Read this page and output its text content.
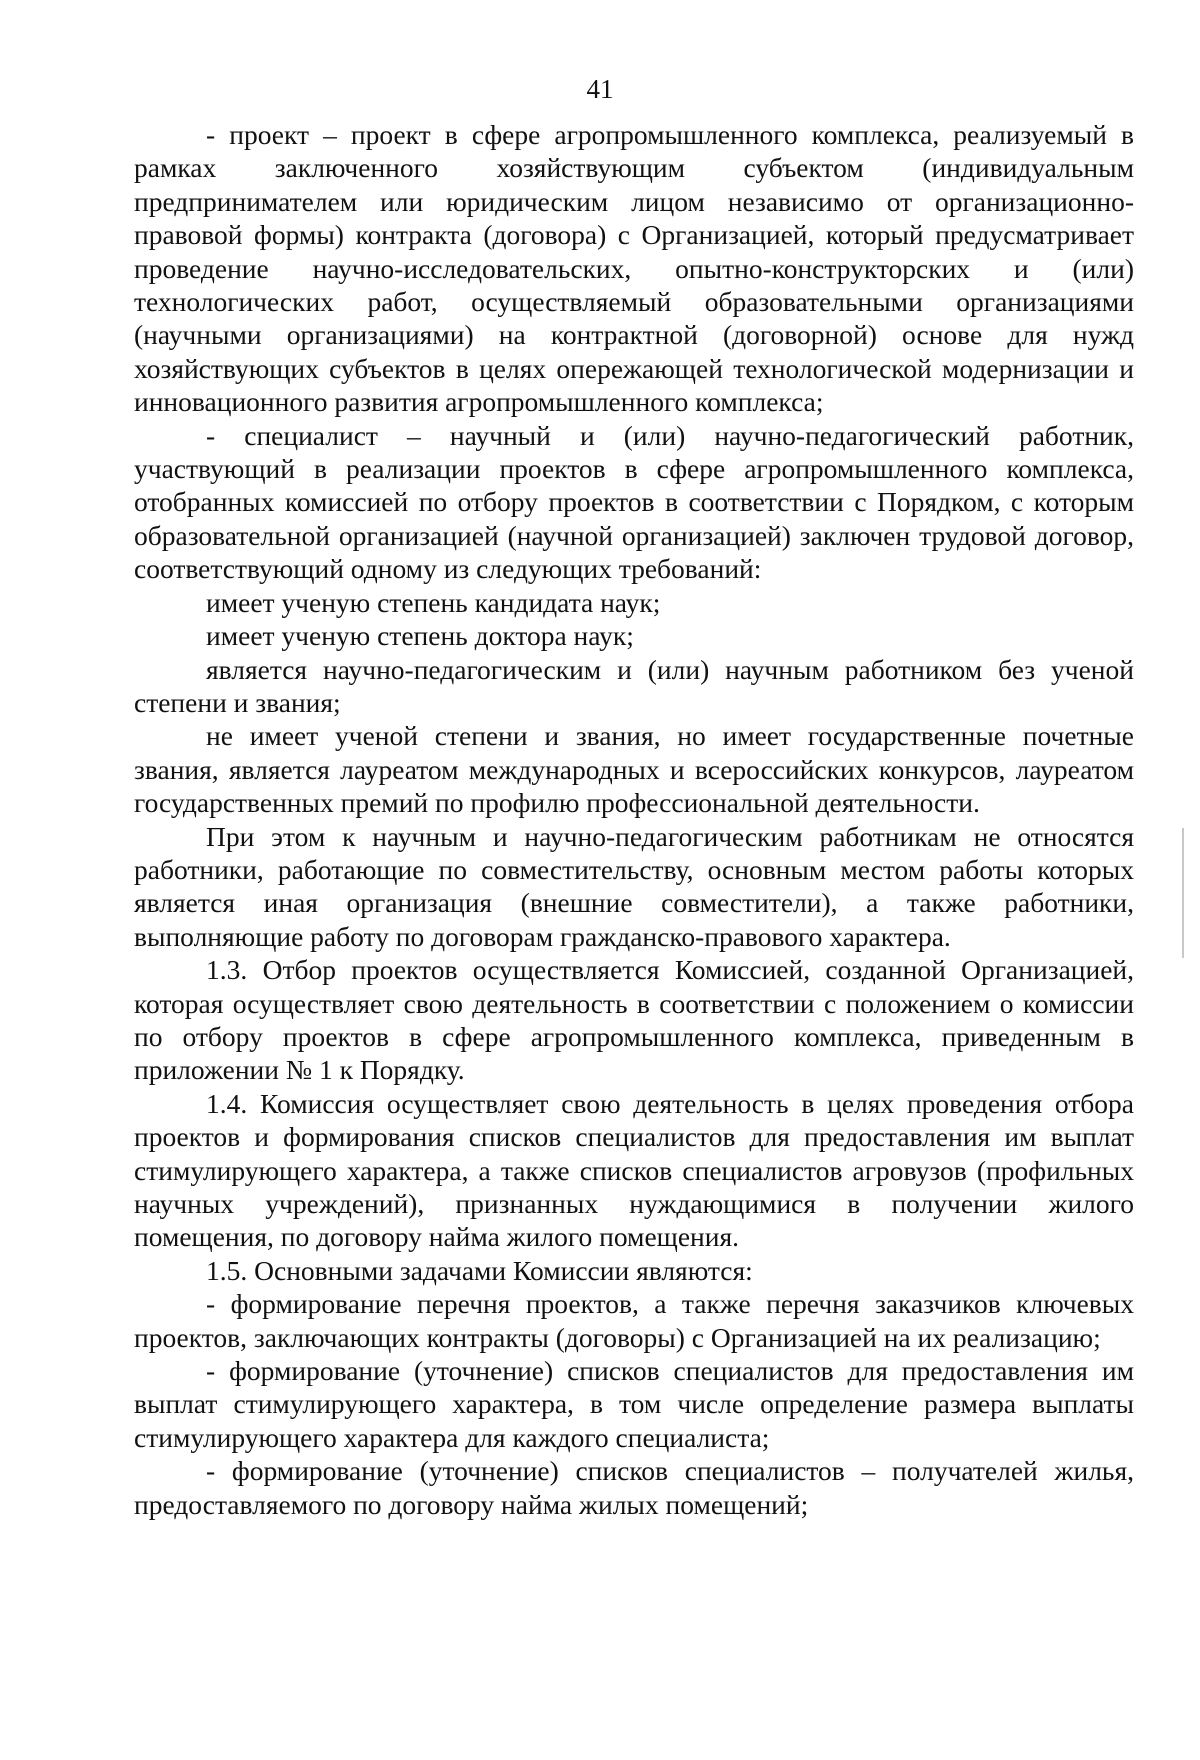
41

- проект – проект в сфере агропромышленного комплекса, реализуемый в рамках заключенного хозяйствующим субъектом (индивидуальным предпринимателем или юридическим лицом независимо от организационно-правовой формы) контракта (договора) с Организацией, который предусматривает проведение научно-исследовательских, опытно-конструкторских и (или) технологических работ, осуществляемый образовательными организациями (научными организациями) на контрактной (договорной) основе для нужд хозяйствующих субъектов в целях опережающей технологической модернизации и инновационного развития агропромышленного комплекса;

- специалист – научный и (или) научно-педагогический работник, участвующий в реализации проектов в сфере агропромышленного комплекса, отобранных комиссией по отбору проектов в соответствии с Порядком, с которым образовательной организацией (научной организацией) заключен трудовой договор, соответствующий одному из следующих требований:

имеет ученую степень кандидата наук;

имеет ученую степень доктора наук;

является научно-педагогическим и (или) научным работником без ученой степени и звания;

не имеет ученой степени и звания, но имеет государственные почетные звания, является лауреатом международных и всероссийских конкурсов, лауреатом государственных премий по профилю профессиональной деятельности.

При этом к научным и научно-педагогическим работникам не относятся работники, работающие по совместительству, основным местом работы которых является иная организация (внешние совместители), а также работники, выполняющие работу по договорам гражданско-правового характера.

1.3. Отбор проектов осуществляется Комиссией, созданной Организацией, которая осуществляет свою деятельность в соответствии с положением о комиссии по отбору проектов в сфере агропромышленного комплекса, приведенным в приложении № 1 к Порядку.

1.4. Комиссия осуществляет свою деятельность в целях проведения отбора проектов и формирования списков специалистов для предоставления им выплат стимулирующего характера, а также списков специалистов агровузов (профильных научных учреждений), признанных нуждающимися в получении жилого помещения, по договору найма жилого помещения.

1.5. Основными задачами Комиссии являются:

- формирование перечня проектов, а также перечня заказчиков ключевых проектов, заключающих контракты (договоры) с Организацией на их реализацию;

- формирование (уточнение) списков специалистов для предоставления им выплат стимулирующего характера, в том числе определение размера выплаты стимулирующего характера для каждого специалиста;

- формирование (уточнение) списков специалистов – получателей жилья, предоставляемого по договору найма жилых помещений;
